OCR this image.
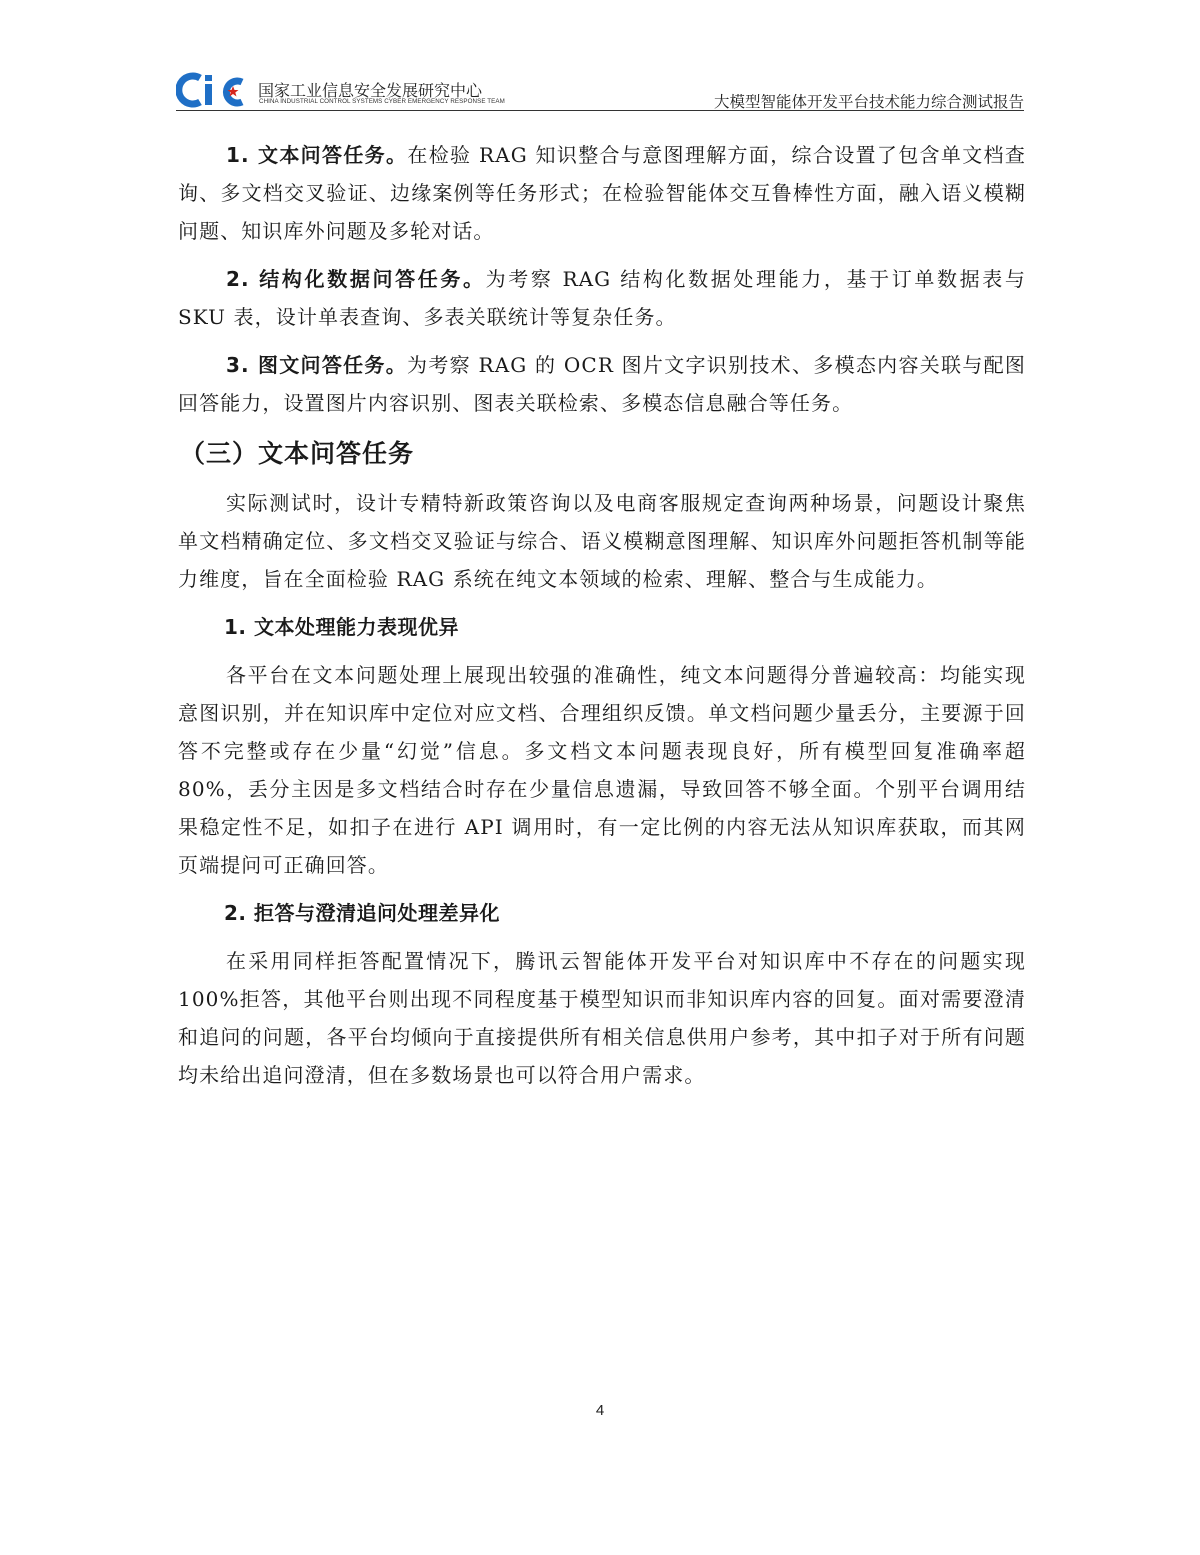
国家工业信息安全发展研究中心
CHINA INDUSTRIAL CONTROL SYSTEMS CYBER EMERGENCY RESPONSE TEAM	大模型智能体开发平台技术能力综合测试报告

1. 文本问答任务。在检验 RAG 知识整合与意图理解方面，综合设置了包含单文档查询、多文档交叉验证、边缘案例等任务形式；在检验智能体交互鲁棒性方面，融入语义模糊问题、知识库外问题及多轮对话。

2. 结构化数据问答任务。为考察 RAG 结构化数据处理能力，基于订单数据表与 SKU 表，设计单表查询、多表关联统计等复杂任务。

3. 图文问答任务。为考察 RAG 的 OCR 图片文字识别技术、多模态内容关联与配图回答能力，设置图片内容识别、图表关联检索、多模态信息融合等任务。

（三）文本问答任务

实际测试时，设计专精特新政策咨询以及电商客服规定查询两种场景，问题设计聚焦单文档精确定位、多文档交叉验证与综合、语义模糊意图理解、知识库外问题拒答机制等能力维度，旨在全面检验 RAG 系统在纯文本领域的检索、理解、整合与生成能力。

1. 文本处理能力表现优异

各平台在文本问题处理上展现出较强的准确性，纯文本问题得分普遍较高：均能实现意图识别，并在知识库中定位对应文档、合理组织反馈。单文档问题少量丢分，主要源于回答不完整或存在少量“幻觉”信息。多文档文本问题表现良好，所有模型回复准确率超 80%，丢分主因是多文档结合时存在少量信息遗漏，导致回答不够全面。个别平台调用结果稳定性不足，如扣子在进行 API 调用时，有一定比例的内容无法从知识库获取，而其网页端提问可正确回答。

2. 拒答与澄清追问处理差异化

在采用同样拒答配置情况下，腾讯云智能体开发平台对知识库中不存在的问题实现 100%拒答，其他平台则出现不同程度基于模型知识而非知识库内容的回复。面对需要澄清和追问的问题，各平台均倾向于直接提供所有相关信息供用户参考，其中扣子对于所有问题均未给出追问澄清，但在多数场景也可以符合用户需求。

4
